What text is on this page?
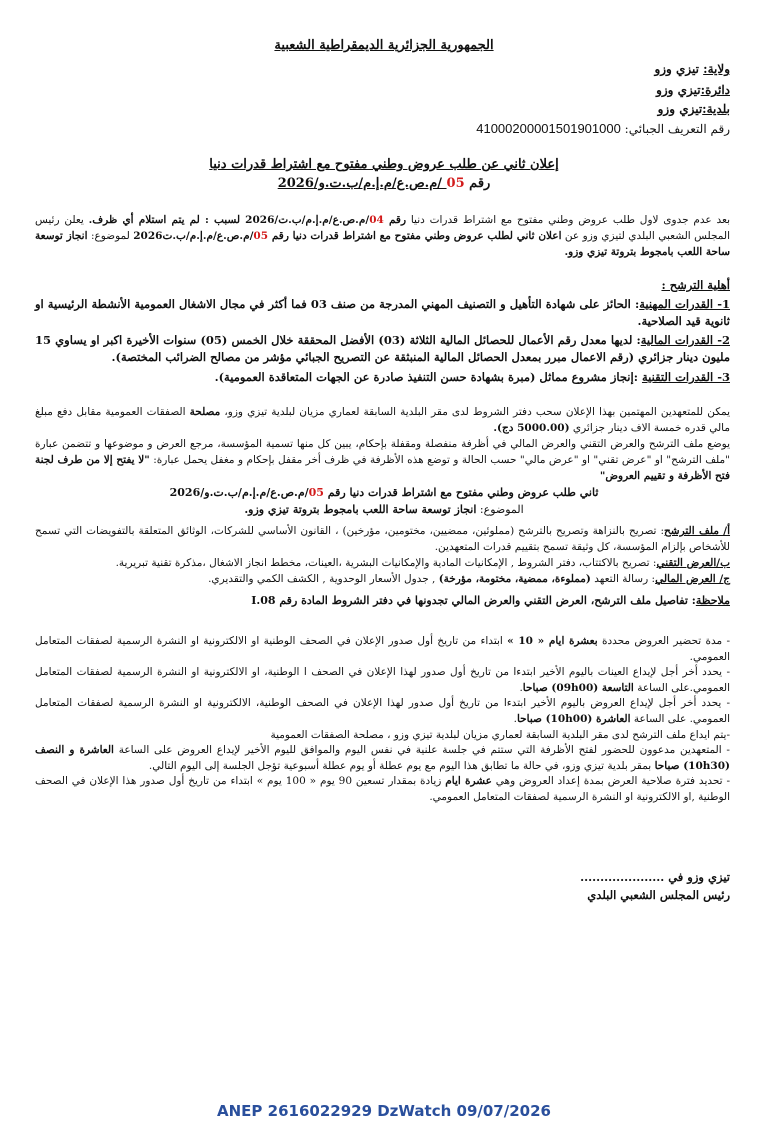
الجمهورية الجزائرية الديمقراطية الشعبية
ولاية: تيزي وزو
دائرة:تيزي وزو
بلدية:تيزي وزو
رقم التعريف الجبائي: 41000200001501901000
إعلان ثاني عن طلب عروض وطني مفتوح مع اشتراط قدرات دنيا
رقم 05 /م.ص.ع/م.إ.م/ب.ت.و/2026
بعد عدم جدوى لاول طلب عروض وطني مفتوح مع اشتراط قدرات دنيا رقم 04/م.ص.ع/م.إ.م/ب.ت/2026 لسبب : لم يتم استلام أي ظرف. يعلن رئيس المجلس الشعبي البلدي لتيزي وزو عن اعلان ثاني لطلب عروض وطني مفتوح مع اشتراط قدرات دنيا رقم 05/م.ص.ع/م.إ.م/ب.ت2026 لموضوع: انجاز توسعة ساحة اللعب بامجوط بتروتة تيزي وزو.
أهلية الترشح :
1- القدرات المهنية: الحائز على شهادة التأهيل و التصنيف المهني المدرجة من صنف 03 فما أكثر في مجال الاشغال العمومية الأنشطة الرئيسية او ثانوية قيد الصلاحية.
2- القدرات المالية: لديها معدل رقم الأعمال للحصائل المالية الثلاثة (03) الأفضل المحققة خلال الخمس (05) سنوات الأخيرة اكبر او يساوي 15 مليون دينار جزائري (رقم الاعمال مبرر بمعدل الحصائل المالية المنبثقة عن التصريح الجبائي مؤشر من مصالح الضرائب المختصة).
3- القدرات التقنية :إنجاز مشروع مماثل (مبرة بشهادة حسن التنفيذ صادرة عن الجهات المتعاقدة العمومية).

يمكن للمتعهدين المهتمين بهذا الإعلان سحب دفتر الشروط لدى مقر البلدية السابقة لعماري مزيان لبلدية تيزي وزو، مصلحة الصفقات العمومية مقابل دفع مبلغ مالي قدره خمسة الاف دينار جزائري (5000.00 دج).

يوضع ملف الترشح والعرض التقني والعرض المالي في أظرفة منفصلة ومقفلة بإحكام، يبين كل منها تسمية المؤسسة، مرجع العرض و موضوعها و تتضمن عبارة "ملف الترشح" او "عرض تقني" او "عرض مالي" حسب الحالة و توضع هذه الأظرفة في ظرف أخر مقفل بإحكام و مغفل يحمل عبارة: "لا يفتح إلا من طرف لجنة فتح الأظرفة و تقييم العروض"

ثاني طلب عروض وطني مفتوح مع اشتراط قدرات دنيا رقم 05/م.ص.ع/م.إ.م/ب.ت.و/2026
الموضوع: انجاز توسعة ساحة اللعب بامجوط بتروتة تيزي وزو.

أ/ ملف الترشح: تصريح بالنزاهة وتصريح بالترشح (مملوئين، ممضيين، مختومين، مؤرخين) ، القانون الأساسي للشركات، الوثائق المتعلقة بالتفويضات التي تسمح للأشخاص بإلزام المؤسسة، كل وثيقة تسمح بتقييم قدرات المتعهدين.

ب/العرض التقني: تصريح بالاكتتاب، دفتر الشروط , الإمكانيات المادية والإمكانيات البشرية ،العينات، مخطط انجاز الاشغال ،مذكرة تقنية تبريرية.

ج/ العرض المالي: رسالة التعهد (مملوءة، ممضية، مختومة، مؤرخة) , جدول الأسعار الوحدوية , الكشف الكمي والتقديري.

ملاحظة: تفاصيل ملف الترشح، العرض التقني والعرض المالي تجدونها في دفتر الشروط المادة رقم I.08

- مدة تحضير العروض محددة بعشرة ايام « 10 » ابتداء من تاريخ أول صدور الإعلان في الصحف الوطنية او الالكترونية او النشرة الرسمية لصفقات المتعامل العمومي.

- يحدد أخر أجل لإيداع العينات باليوم الأخير ابتدءا من تاريخ أول صدور لهذا الإعلان في الصحف ا الوطنية، او الالكترونية او النشرة الرسمية لصفقات المتعامل العمومي.على الساعة التاسعة (09h00) صباحا.

- يحدد أخر أجل لإيداع العروض باليوم الأخير ابتدءا من تاريخ أول صدور لهذا الإعلان في الصحف الوطنية، الالكترونية او النشرة الرسمية لصفقات المتعامل العمومي. على الساعة العاشرة (10h00) صباحا.

-يتم ايداع ملف الترشح لدى مقر البلدية السابقة لعماري مزيان لبلدية تيزي وزو ، مصلحة الصفقات العمومية

- المتعهدين مدعوون للحضور لفتح الأظرفة التي ستتم في جلسة علنية في نفس اليوم والموافق لليوم الأخير لإيداع العروض على الساعة العاشرة و النصف (10h30) صباحا بمقر بلدية تيزي وزو، في حالة ما تطابق هذا اليوم مع يوم عطلة أو يوم عطلة أسبوعية تؤجل الجلسة إلى اليوم التالي.

- تحديد فترة صلاحية العرض بمدة إعداد العروض وهي عشرة ايام زيادة بمقدار تسعين 90 يوم « 100 يوم » ابتداء من تاريخ أول صدور هذا الإعلان في الصحف الوطنية ,او الالكترونية او النشرة الرسمية لصفقات المتعامل العمومي.

تيزي وزو في .....................
رئيس المجلس الشعبي البلدي
ANEP 2616022929 DzWatch 09/07/2026
